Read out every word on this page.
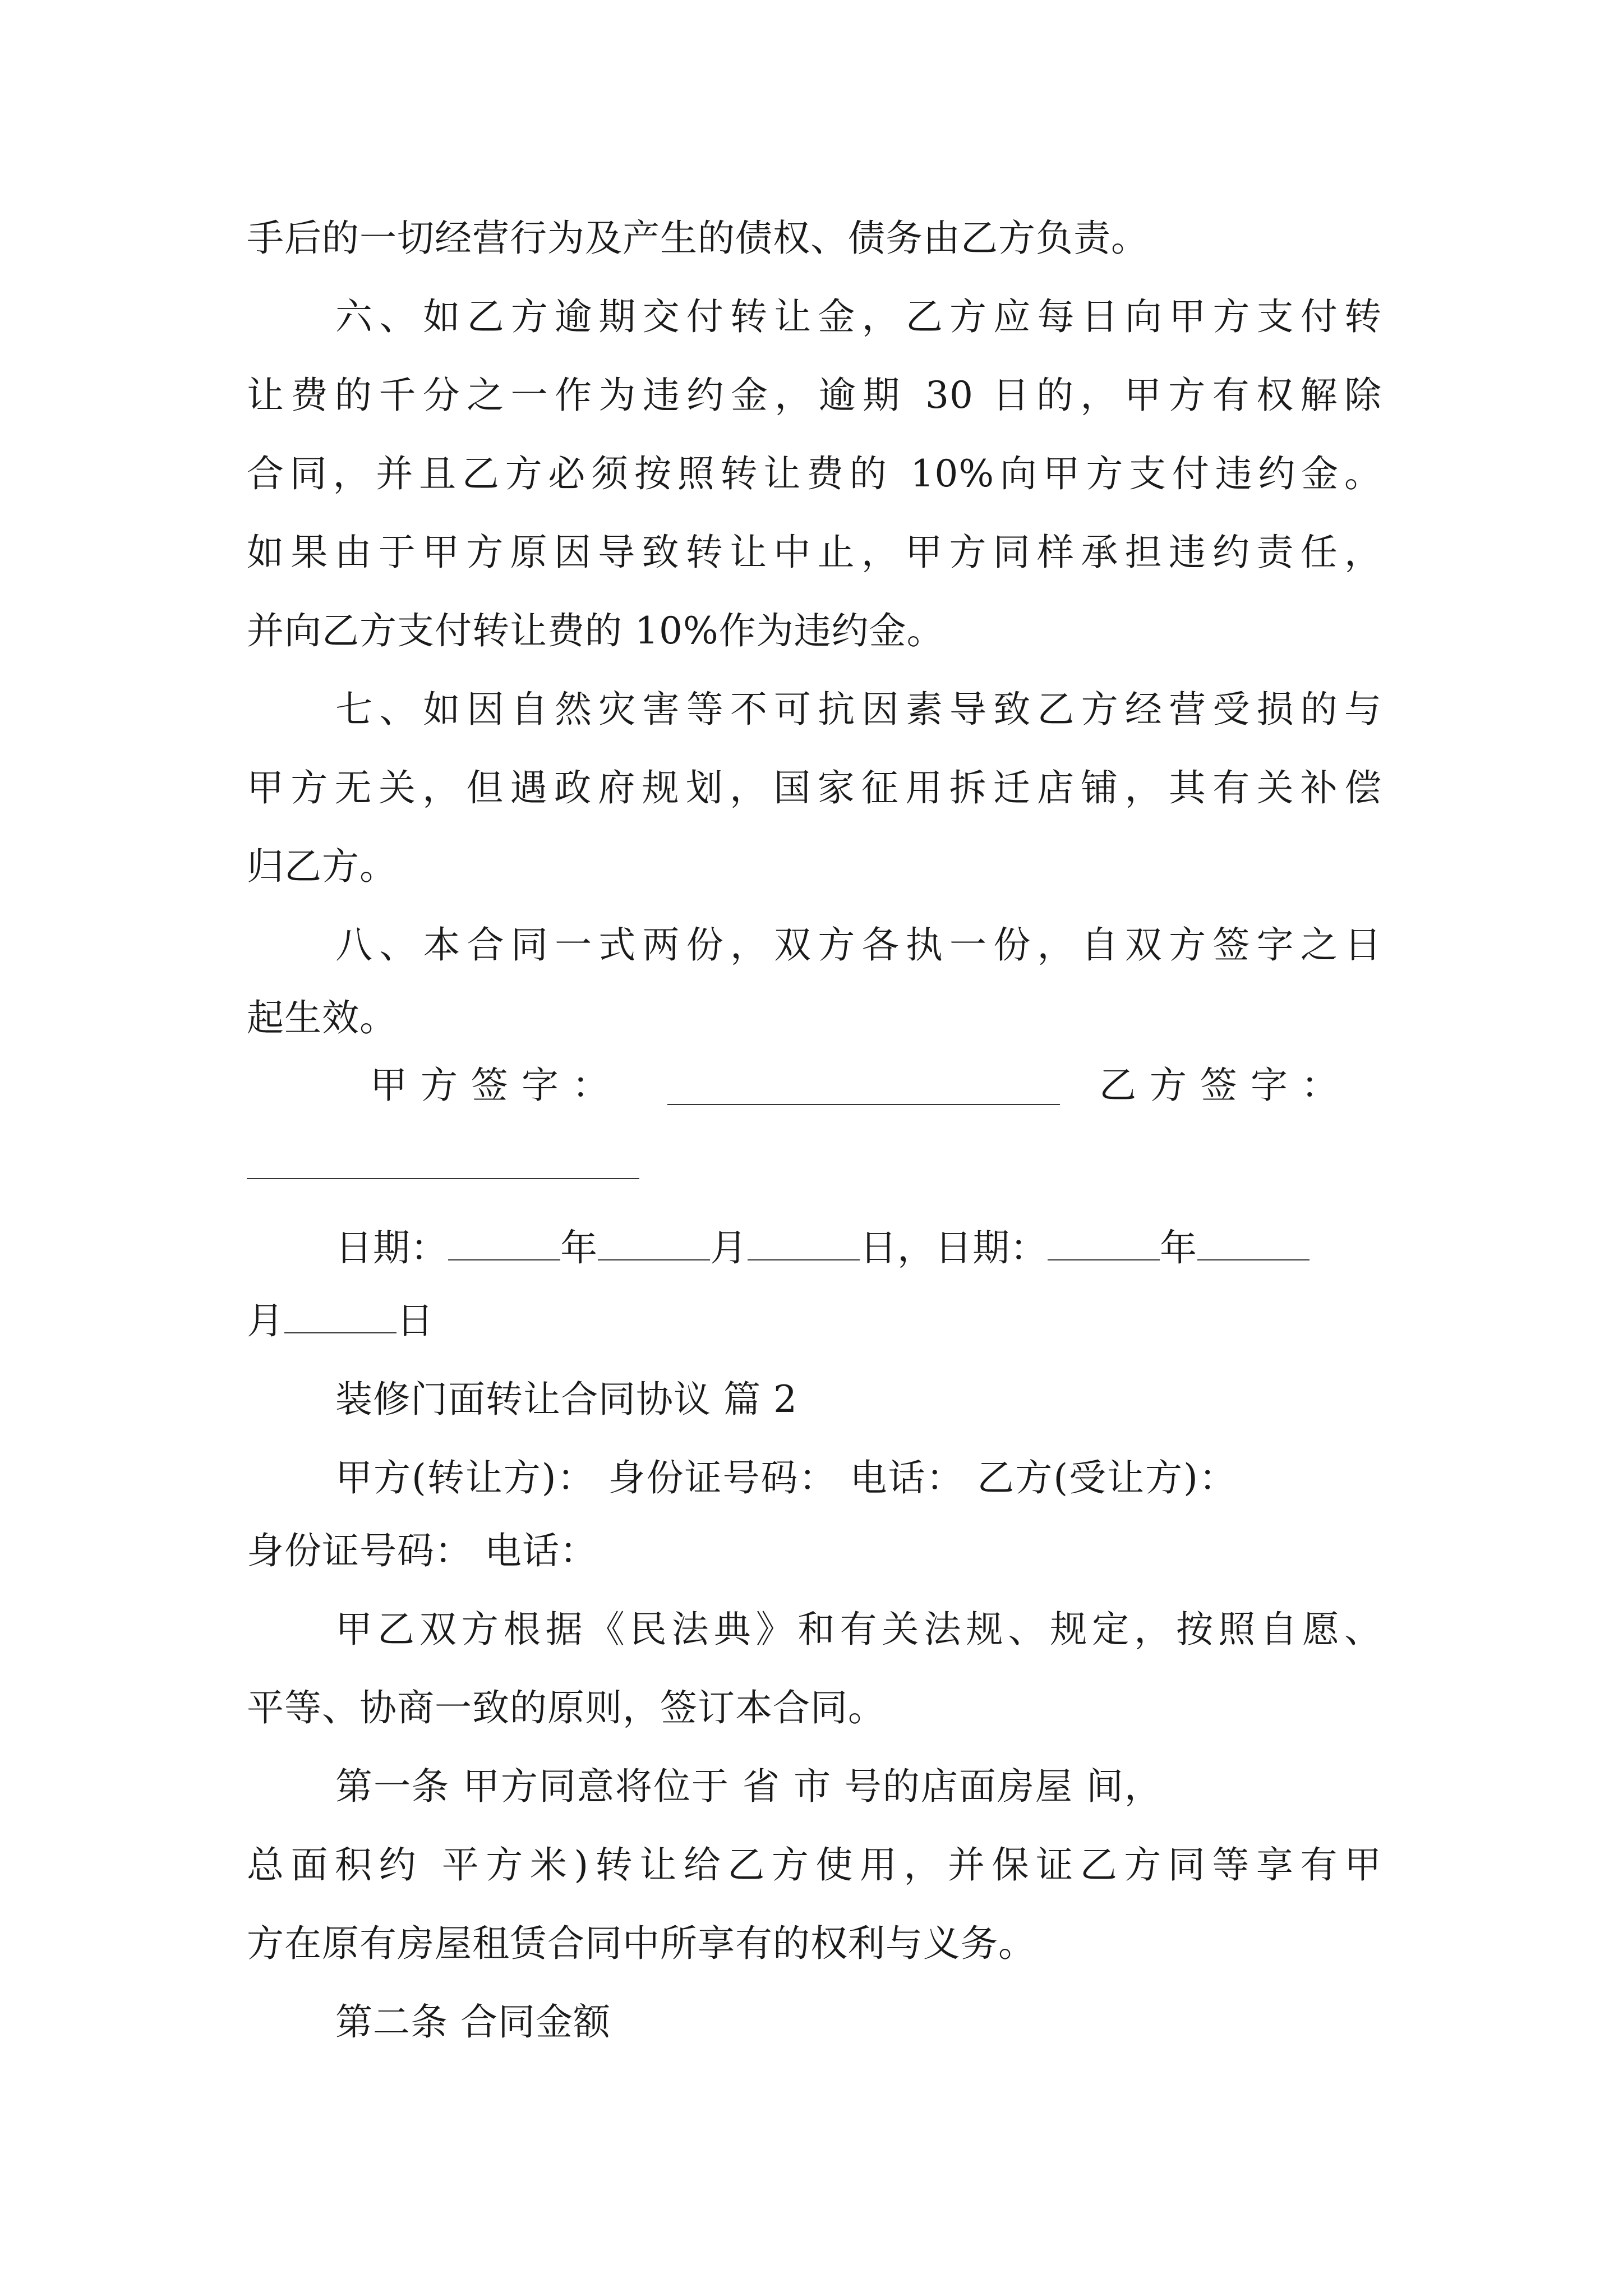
手后的一切经营行为及产生的债权、债务由乙方负责。
六、如乙方逾期交付转让金，乙方应每日向甲方支付转
让费的千分之一作为违约金，逾期 30 日的，甲方有权解除
合同，并且乙方必须按照转让费的 10%向甲方支付违约金。
如果由于甲方原因导致转让中止，甲方同样承担违约责任，
并向乙方支付转让费的 10%作为违约金。
七、如因自然灾害等不可抗因素导致乙方经营受损的与
甲方无关，但遇政府规划，国家征用拆迁店铺，其有关补偿
归乙方。
八、本合同一式两份，双方各执一份，自双方签字之日
起生效。
甲方签字：	乙方签字：
日期：	年	月	日，日期：	年
月	日
装修门面转让合同协议 篇 2
甲方(转让方)： 身份证号码： 电话： 乙方(受让方)：
身份证号码： 电话：
甲乙双方根据《民法典》和有关法规、规定，按照自愿、
平等、协商一致的原则，签订本合同。
第一条 甲方同意将位于 省 市 号的店面房屋 间，
总面积约 平方米)转让给乙方使用，并保证乙方同等享有甲
方在原有房屋租赁合同中所享有的权利与义务。
第二条 合同金额
